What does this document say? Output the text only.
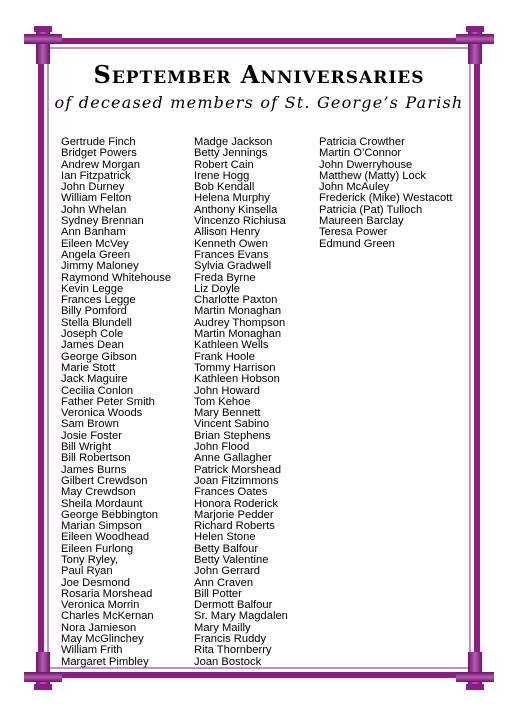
September Anniversaries
of deceased members of St. George’s Parish
Gertrude Finch
Bridget Powers
Andrew Morgan
Ian Fitzpatrick
John Durney
William Felton
John Whelan
Sydney Brennan
Ann Banham
Eileen McVey
Angela Green
Jimmy Maloney
Raymond Whitehouse
Kevin Legge
Frances Legge
Billy Pomford
Stella Blundell
Joseph Cole
James Dean
George Gibson
Marie Stott
Jack Maguire
Cecilia Conlon
Father Peter Smith
Veronica Woods
Sam Brown
Josie Foster
Bill Wright
Bill Robertson
James Burns
Gilbert Crewdson
May Crewdson
Sheila Mordaunt
George Bebbington
Marian Simpson
Eileen Woodhead
Eileen Furlong
Tony Ryley,
Paul Ryan
Joe Desmond
Rosaria Morshead
Veronica Morrin
Charles McKernan
Nora Jamieson
May McGlinchey
William Frith
Margaret Pimbley
Madge Jackson
Betty Jennings
Robert Cain
Irene Hogg
Bob Kendall
Helena Murphy
Anthony Kinsella
Vincenzo Richiusa
Allison Henry
Kenneth Owen
Frances Evans
Sylvia Gradwell
Freda Byrne
Liz Doyle
Charlotte Paxton
Martin Monaghan
Audrey Thompson
Martin Monaghan
Kathleen Wells
Frank Hoole
Tommy Harrison
Kathleen Hobson
John Howard
Tom Kehoe
Mary Bennett
Vincent Sabino
Brian Stephens
John Flood
Anne Gallagher
Patrick Morshead
Joan Fitzimmons
Frances Oates
Honora Roderick
Marjorie Pedder
Richard Roberts
Helen Stone
Betty Balfour
Betty Valentine
John Gerrard
Ann Craven
Bill Potter
Dermott Balfour
Sr. Mary Magdalen
Mary Mailly
Francis Ruddy
Rita Thornberry
Joan Bostock
Patricia Crowther
Martin O’Connor
John Dwerryhouse
Matthew (Matty) Lock
John McAuley
Frederick (Mike) Westacott
Patricia (Pat) Tulloch
Maureen Barclay
Teresa Power
Edmund Green
